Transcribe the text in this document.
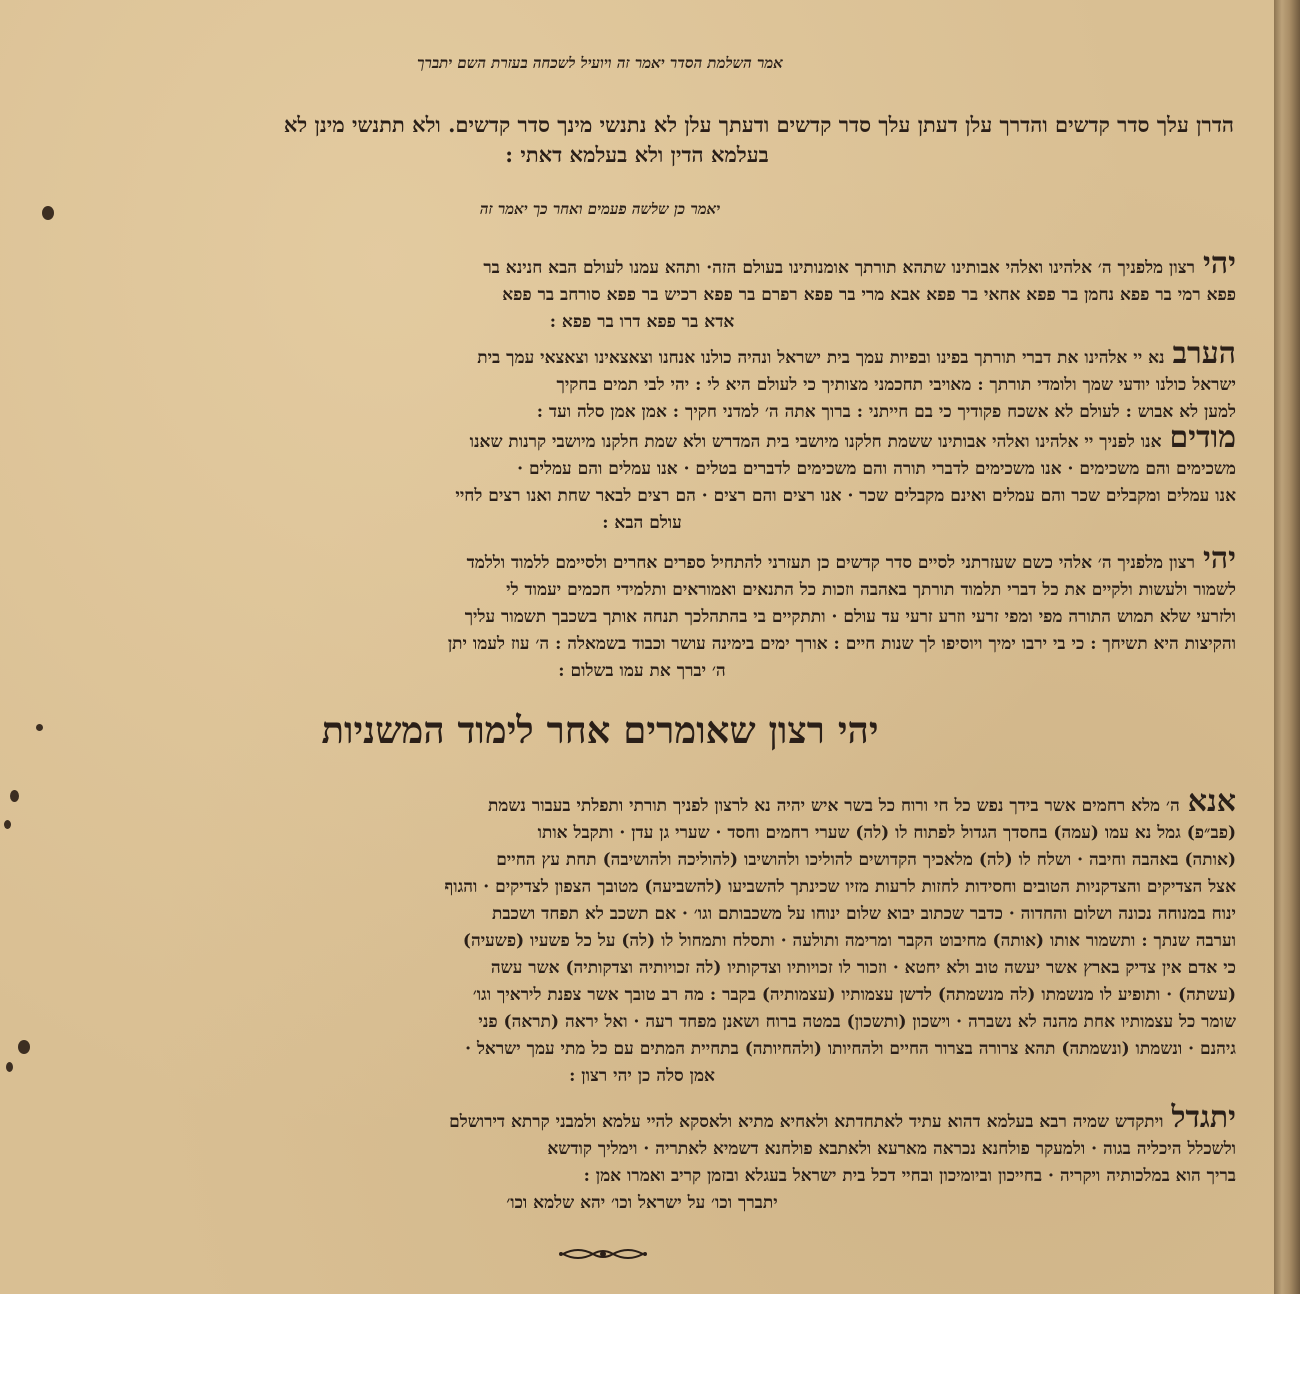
אמר השלמת הסדר יאמר זה ויועיל לשכחה בעזרת השם יתברך
הדרן עלך סדר קדשים והדרך עלן דעתן עלך סדר קדשים ודעתך עלן לא נתנשי מינך סדר קדשים. ולא תתנשי מינן לא
בעלמא הדין ולא בעלמא דאתי :
יאמר כן שלשה פעמים ואחר כך יאמר זה
יהירצון מלפניך ה׳ אלהינו ואלהי אבותינו שתהא תורתך אומנותינו בעולם הזה· ותהא עמנו לעולם הבא חנינא בר
פפא רמי בר פפא נחמן בר פפא אחאי בר פפא אבא מרי בר פפא רפרם בר פפא רכיש בר פפא סורחב בר פפא
אדא בר פפא דרו בר פפא :
הערבנא יי אלהינו את דברי תורתך בפינו ובפיות עמך בית ישראל ונהיה כולנו אנחנו וצאצאינו וצאצאי עמך בית
ישראל כולנו יודעי שמך ולומדי תורתך : מאויבי תחכמני מצותיך כי לעולם היא לי : יהי לבי תמים בחקיך
למען לא אבוש : לעולם לא אשכח פקודיך כי בם חייתני : ברוך אתה ה׳ למדני חקיך : אמן אמן סלה ועד :
מודיםאנו לפניך יי אלהינו ואלהי אבותינו ששמת חלקנו מיושבי בית המדרש ולא שמת חלקנו מיושבי קרנות שאנו
משכימים והם משכימים · אנו משכימים לדברי תורה והם משכימים לדברים בטלים · אנו עמלים והם עמלים ·
אנו עמלים ומקבלים שכר והם עמלים ואינם מקבלים שכר · אנו רצים והם רצים · הם רצים לבאר שחת ואנו רצים לחיי
עולם הבא :
יהירצון מלפניך ה׳ אלהי כשם שעזרתני לסיים סדר קדשים כן תעזרני להתחיל ספרים אחרים ולסיימם ללמוד וללמד
לשמור ולעשות ולקיים את כל דברי תלמוד תורתך באהבה וזכות כל התנאים ואמוראים ותלמידי חכמים יעמוד לי
ולזרעי שלא תמוש התורה מפי ומפי זרעי וזרע זרעי עד עולם · ותתקיים בי בהתהלכך תנחה אותך בשכבך תשמור עליך
והקיצות היא תשיחך : כי בי ירבו ימיך ויוסיפו לך שנות חיים : אורך ימים בימינה עושר וכבוד בשמאלה : ה׳ עוז לעמו יתן
ה׳ יברך את עמו בשלום :
יהי רצון שאומרים אחר לימוד המשניות
אנאה׳ מלא רחמים אשר בידך נפש כל חי ורוח כל בשר איש יהיה נא לרצון לפניך תורתי ותפלתי בעבור נשמת
(פב״פ) גמל נא עמו (עמה) בחסדך הגדול לפתוח לו (לה) שערי רחמים וחסד · שערי גן עדן · ותקבל אותו
(אותה) באהבה וחיבה · ושלח לו (לה) מלאכיך הקדושים להוליכו ולהושיבו (להוליכה ולהושיבה) תחת עץ החיים
אצל הצדיקים והצדקניות הטובים וחסידות לחזות לרעות מזיו שכינתך להשביעו (להשביעה) מטובך הצפון לצדיקים · והגוף
ינוח במנוחה נכונה ושלום והחדוה · כדבר שכתוב יבוא שלום ינוחו על משכבותם וגו׳ · אם תשכב לא תפחד ושכבת
וערבה שנתך : ותשמור אותו (אותה) מחיבוט הקבר ומרימה ותולעה · ותסלח ותמחול לו (לה) על כל פשעיו (פשעיה)
כי אדם אין צדיק בארץ אשר יעשה טוב ולא יחטא · וזכור לו זכויותיו וצדקותיו (לה זכויותיה וצדקותיה) אשר עשה
(עשתה) · ותופיע לו מנשמתו (לה מנשמתה) לדשן עצמותיו (עצמותיה) בקבר : מה רב טובך אשר צפנת ליראיך וגו׳
שומר כל עצמותיו אחת מהנה לא נשברה · וישכון (ותשכון) במטה ברוח ושאנן מפחד רעה · ואל יראה (תראה) פני
גיהנם · ונשמתו (ונשמתה) תהא צרורה בצרור החיים ולהחיותו (ולהחיותה) בתחיית המתים עם כל מתי עמך ישראל ·
אמן סלה כן יהי רצון :
יתגדלויתקדש שמיה רבא בעלמא דהוא עתיד לאתחדתא ולאחיא מתיא ולאסקא להיי עלמא ולמבני קרתא דירושלם
ולשכלל היכליה בגוה · ולמעקר פולחנא נכראה מארעא ולאתבא פולחנא דשמיא לאתריה · וימליך קודשא
בריך הוא במלכותיה ויקריה · בחייכון וביומיכון ובחיי דכל בית ישראל בעגלא ובזמן קריב ואמרו אמן :
יתברך וכו׳ על ישראל וכו׳ יהא שלמא וכו׳
